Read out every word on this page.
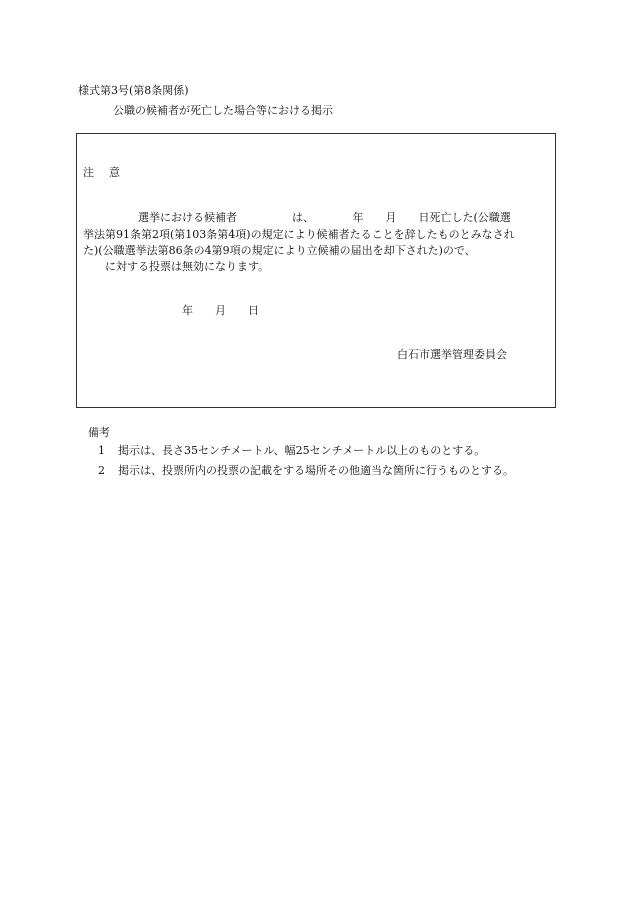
様式第3号(第8条関係)
公職の候補者が死亡した場合等における掲示
注　意
　　　　　選挙における候補者　　　　　は、　　　　年　　月　　日死亡した(公職選
挙法第91条第2項(第103条第4項)の規定により候補者たることを辞したものとみなされ
た)(公職選挙法第86条の4第9項の規定により立候補の届出を却下された)ので、
　　に対する投票は無効になります。
　　　　　　　　　年　　月　　日
白石市選挙管理委員会
備考
1 掲示は、長さ35センチメートル、幅25センチメートル以上のものとする。
2 掲示は、投票所内の投票の記載をする場所その他適当な箇所に行うものとする。
